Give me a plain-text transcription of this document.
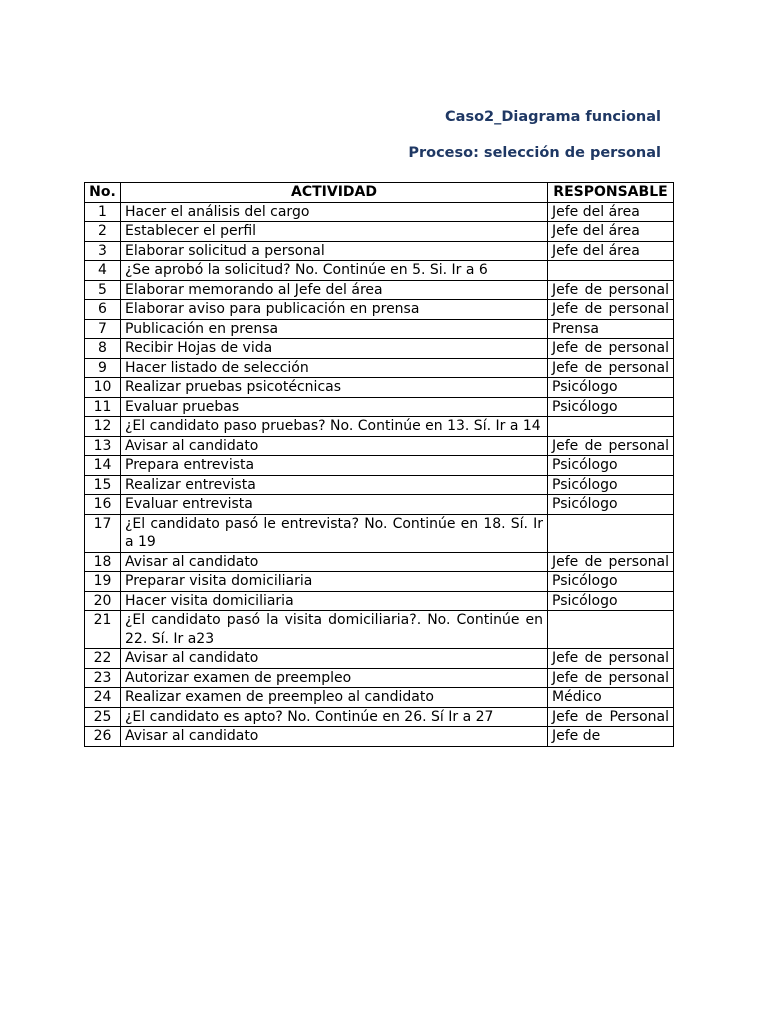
Caso2_Diagrama funcional
Proceso: selección de personal
No.	ACTIVIDAD	RESPONSABLE
1	Hacer el análisis del cargo	Jefe del área
2	Establecer el perfil	Jefe del área
3	Elaborar solicitud a personal	Jefe del área
4	¿Se aprobó la solicitud? No. Continúe en 5. Si. Ir a 6	
5	Elaborar memorando al Jefe del área	Jefe de personal
6	Elaborar aviso para publicación en prensa	Jefe de personal
7	Publicación en prensa	Prensa
8	Recibir Hojas de vida	Jefe de personal
9	Hacer listado de selección	Jefe de personal
10	Realizar pruebas psicotécnicas	Psicólogo
11	Evaluar pruebas	Psicólogo
12	¿El candidato paso pruebas? No. Continúe en 13. Sí. Ir a 14	
13	Avisar al candidato	Jefe de personal
14	Prepara entrevista	Psicólogo
15	Realizar entrevista	Psicólogo
16	Evaluar entrevista	Psicólogo
17	¿El candidato pasó le entrevista? No. Continúe en 18. Sí. Ir a 19	
18	Avisar al candidato	Jefe de personal
19	Preparar visita domiciliaria	Psicólogo
20	Hacer visita domiciliaria	Psicólogo
21	¿El candidato pasó la visita domiciliaria?. No. Continúe en 22. Sí. Ir a23	
22	Avisar al candidato	Jefe de personal
23	Autorizar examen de preempleo	Jefe de personal
24	Realizar examen de preempleo al candidato	Médico
25	¿El candidato es apto? No. Continúe en 26. Sí Ir a 27	Jefe de Personal
26	Avisar al candidato	Jefe de
